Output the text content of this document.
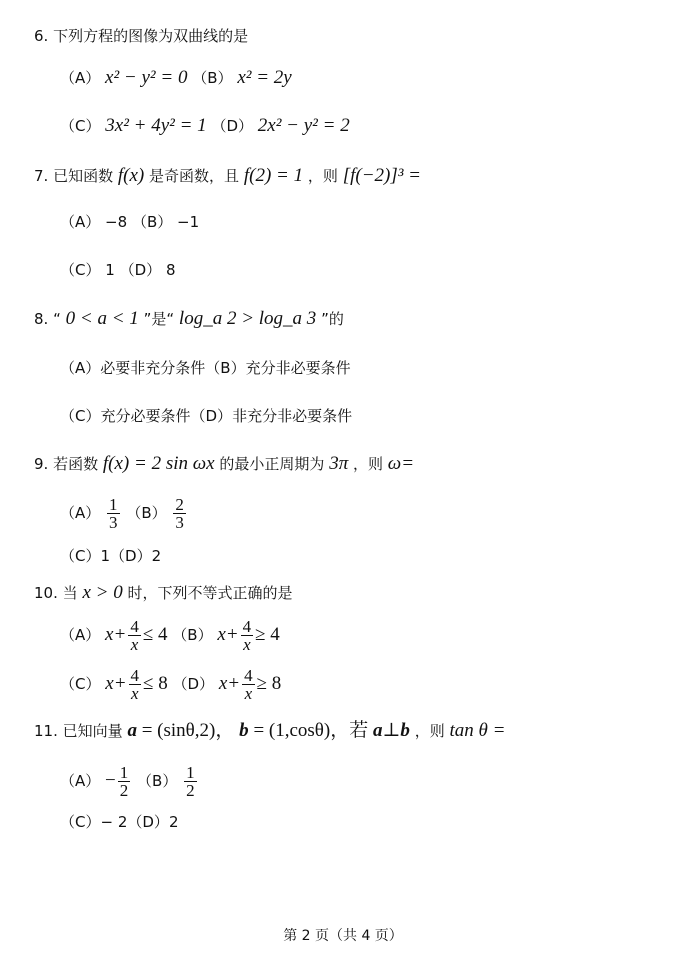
6. 下列方程的图像为双曲线的是
（A） x² − y² = 0 （B） x² = 2y
（C） 3x² + 4y² = 1 （D） 2x² − y² = 2
7. 已知函数 f(x) 是奇函数，且 f(2) = 1 ，则 [f(−2)]³ =
（A） −8 （B） −1
（C） 1 （D） 8
8. “ 0 < a < 1 ”是“ log_a 2 > log_a 3 ”的
（A）必要非充分条件（B）充分非必要条件
（C）充分必要条件（D）非充分非必要条件
9. 若函数 f(x) = 2 sin ωx 的最小正周期为 3π ，则 ω=
$(A) \frac{1}{3} (B) \frac{2}{3}$
（C）1（D）2
10. 当 x > 0 时，下列不等式正确的是
（A） $x+ \frac{4}{x} \le 4$ （B） $x+ \frac{4}{x} \ge 4$
（C） $x+ \frac{4}{x} \le 8$ （D） $x+ \frac{4}{x} \ge 8$
11. 已知向量 a = (sinθ,2)， b = (1,cosθ)，若 a⊥b ，则 tan θ =
$(A) - \frac{1}{2} (B) \frac{1}{2}$
（C）− 2（D）2
第 2 页（共 4 页）
